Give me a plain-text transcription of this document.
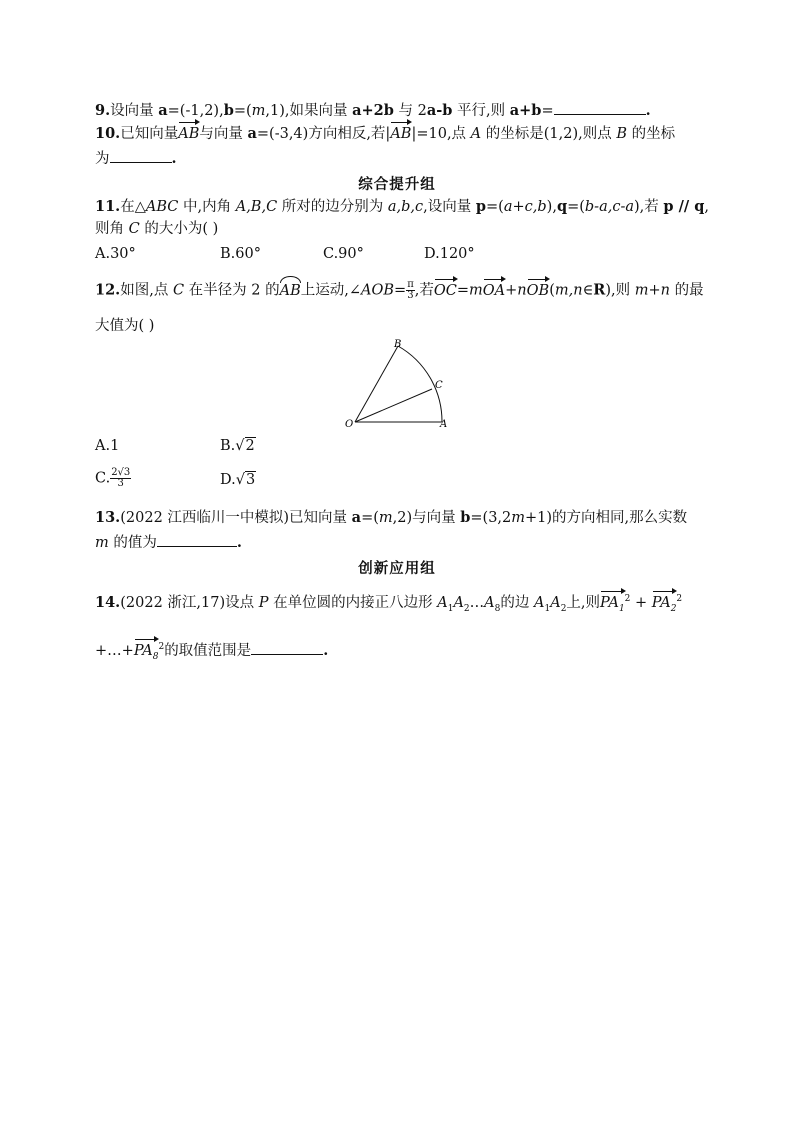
9.设向量 a=(-1,2),b=(m,1),如果向量 a+2b 与 2a-b 平行,则 a+b=	.
10.已知向量AB与向量 a=(-3,4)方向相反,若|AB|=10,点 A 的坐标是(1,2),则点 B 的坐标
为	.
综合提升组
11.在△ABC 中,内角 A,B,C 所对的边分别为 a,b,c,设向量 p=(a+c,b),q=(b-a,c-a),若 p // q,
则角 C 的大小为( )
A.30°	B.60°	C.90°	D.120°
12.如图,点 C 在半径为 2 的AB上运动,∠AOB= $\frac{\pi}{3}$ ,若OC=mOA+nOB(m,n∈R),则 m+n 的最
大值为( )
B
C
O	A
A.1	B.√2
C. $\frac{2√3}{3}$	D.√3
13.(2022 江西临川一中模拟)已知向量 a=(m,2)与向量 b=(3,2m+1)的方向相同,那么实数
m 的值为	.
创新应用组
14.(2022 浙江,17)设点 P 在单位圆的内接正八边形 $A_1A_2\dots A_8$的边 $A_1A_2$上,则$PA_1^2 + PA_2^2$
$+\dots+PA_8^2$的取值范围是	.
